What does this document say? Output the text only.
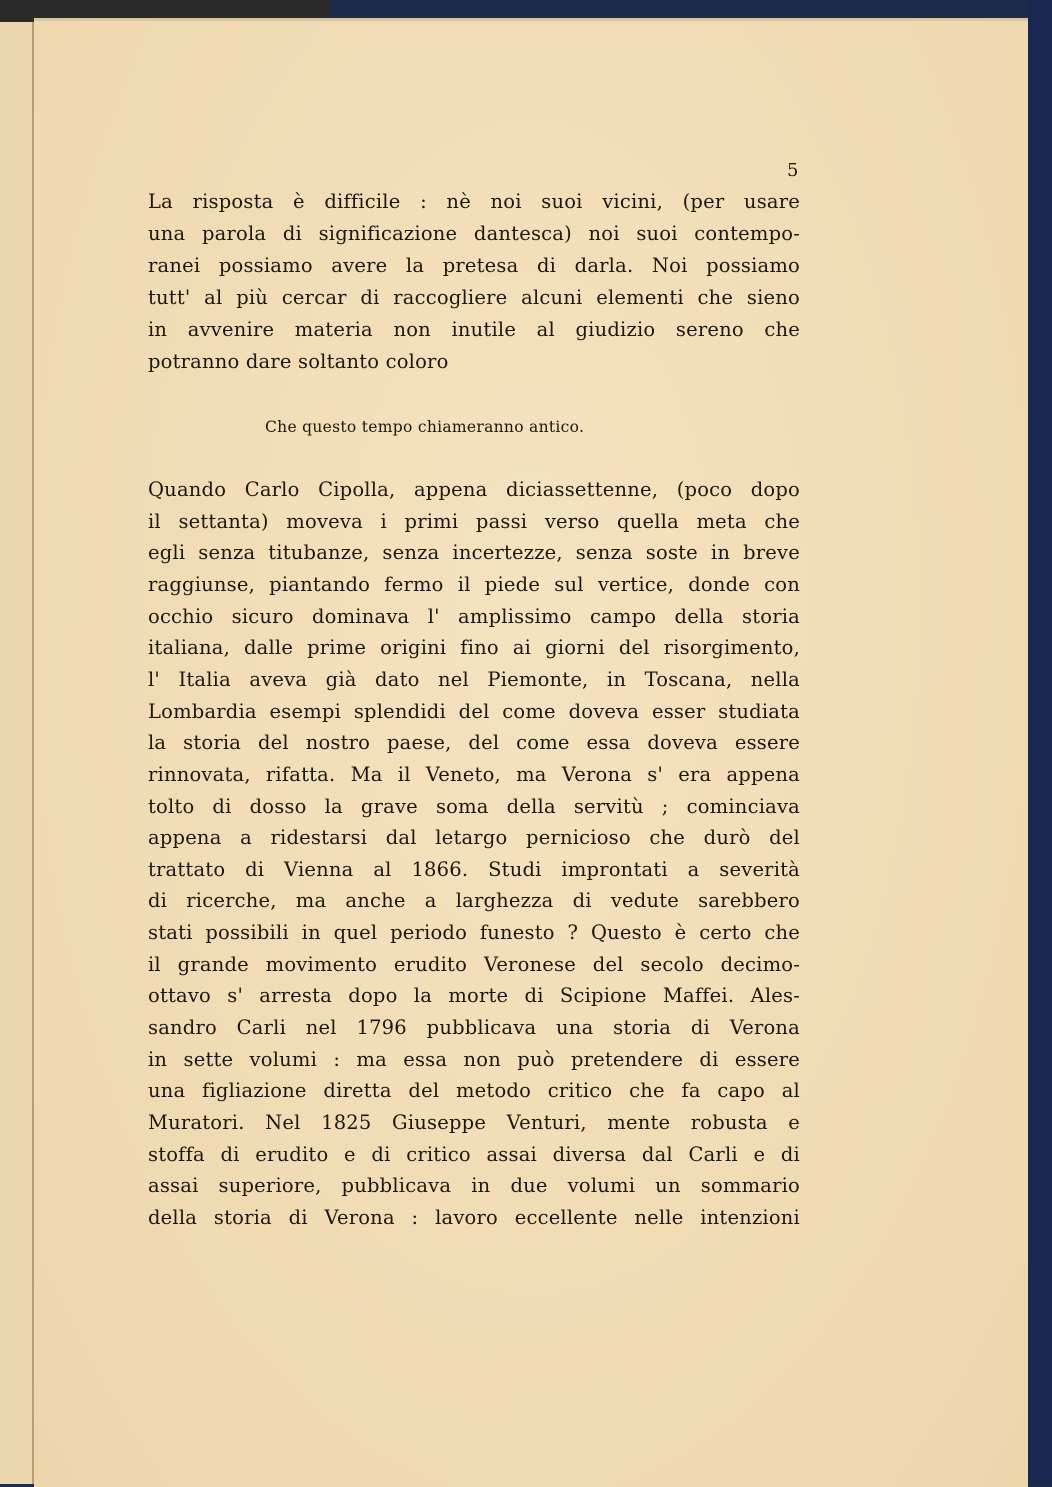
5
La risposta è difficile : nè noi suoi vicini, (per usare
una parola di significazione dantesca) noi suoi contempo-
ranei possiamo avere la pretesa di darla. Noi possiamo
tutt' al più cercar di raccogliere alcuni elementi che sieno
in avvenire materia non inutile al giudizio sereno che
potranno dare soltanto coloro
Che questo tempo chiameranno antico.
Quando Carlo Cipolla, appena diciassettenne, (poco dopo
il settanta) moveva i primi passi verso quella meta che
egli senza titubanze, senza incertezze, senza soste in breve
raggiunse, piantando fermo il piede sul vertice, donde con
occhio sicuro dominava l' amplissimo campo della storia
italiana, dalle prime origini fino ai giorni del risorgimento,
l' Italia aveva già dato nel Piemonte, in Toscana, nella
Lombardia esempi splendidi del come doveva esser studiata
la storia del nostro paese, del come essa doveva essere
rinnovata, rifatta. Ma il Veneto, ma Verona s' era appena
tolto di dosso la grave soma della servitù ; cominciava
appena a ridestarsi dal letargo pernicioso che durò del
trattato di Vienna al 1866. Studi improntati a severità
di ricerche, ma anche a larghezza di vedute sarebbero
stati possibili in quel periodo funesto ? Questo è certo che
il grande movimento erudito Veronese del secolo decimo-
ottavo s' arresta dopo la morte di Scipione Maffei. Ales-
sandro Carli nel 1796 pubblicava una storia di Verona
in sette volumi : ma essa non può pretendere di essere
una figliazione diretta del metodo critico che fa capo al
Muratori. Nel 1825 Giuseppe Venturi, mente robusta e
stoffa di erudito e di critico assai diversa dal Carli e di
assai superiore, pubblicava in due volumi un sommario
della storia di Verona : lavoro eccellente nelle intenzioni
